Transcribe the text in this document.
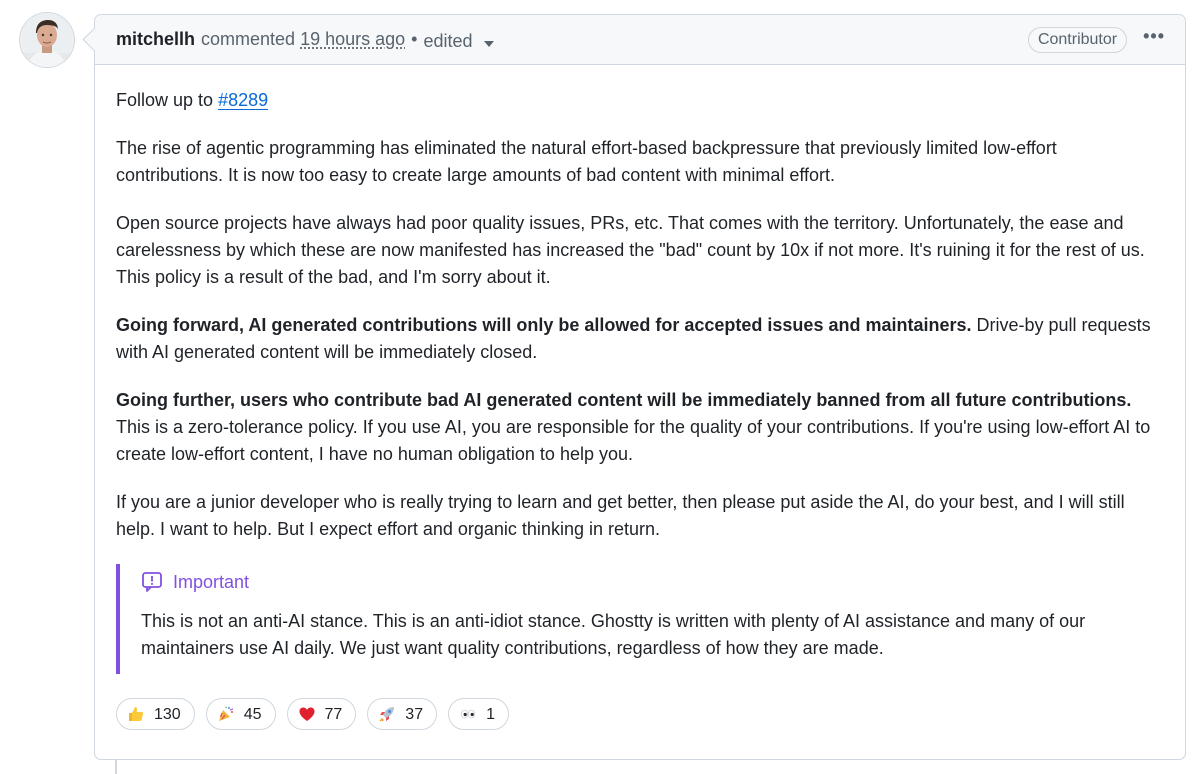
mitchellh commented 19 hours ago • edited	Contributor	•••

Follow up to #8289

The rise of agentic programming has eliminated the natural effort-based backpressure that previously limited low-effort contributions. It is now too easy to create large amounts of bad content with minimal effort.

Open source projects have always had poor quality issues, PRs, etc. That comes with the territory. Unfortunately, the ease and carelessness by which these are now manifested has increased the "bad" count by 10x if not more. It's ruining it for the rest of us. This policy is a result of the bad, and I'm sorry about it.

Going forward, AI generated contributions will only be allowed for accepted issues and maintainers. Drive-by pull requests with AI generated content will be immediately closed.

Going further, users who contribute bad AI generated content will be immediately banned from all future contributions. This is a zero-tolerance policy. If you use AI, you are responsible for the quality of your contributions. If you're using low-effort AI to create low-effort content, I have no human obligation to help you.

If you are a junior developer who is really trying to learn and get better, then please put aside the AI, do your best, and I will still help. I want to help. But I expect effort and organic thinking in return.

Important
This is not an anti-AI stance. This is an anti-idiot stance. Ghostty is written with plenty of AI assistance and many of our maintainers use AI daily. We just want quality contributions, regardless of how they are made.
130	45	77	37	1
